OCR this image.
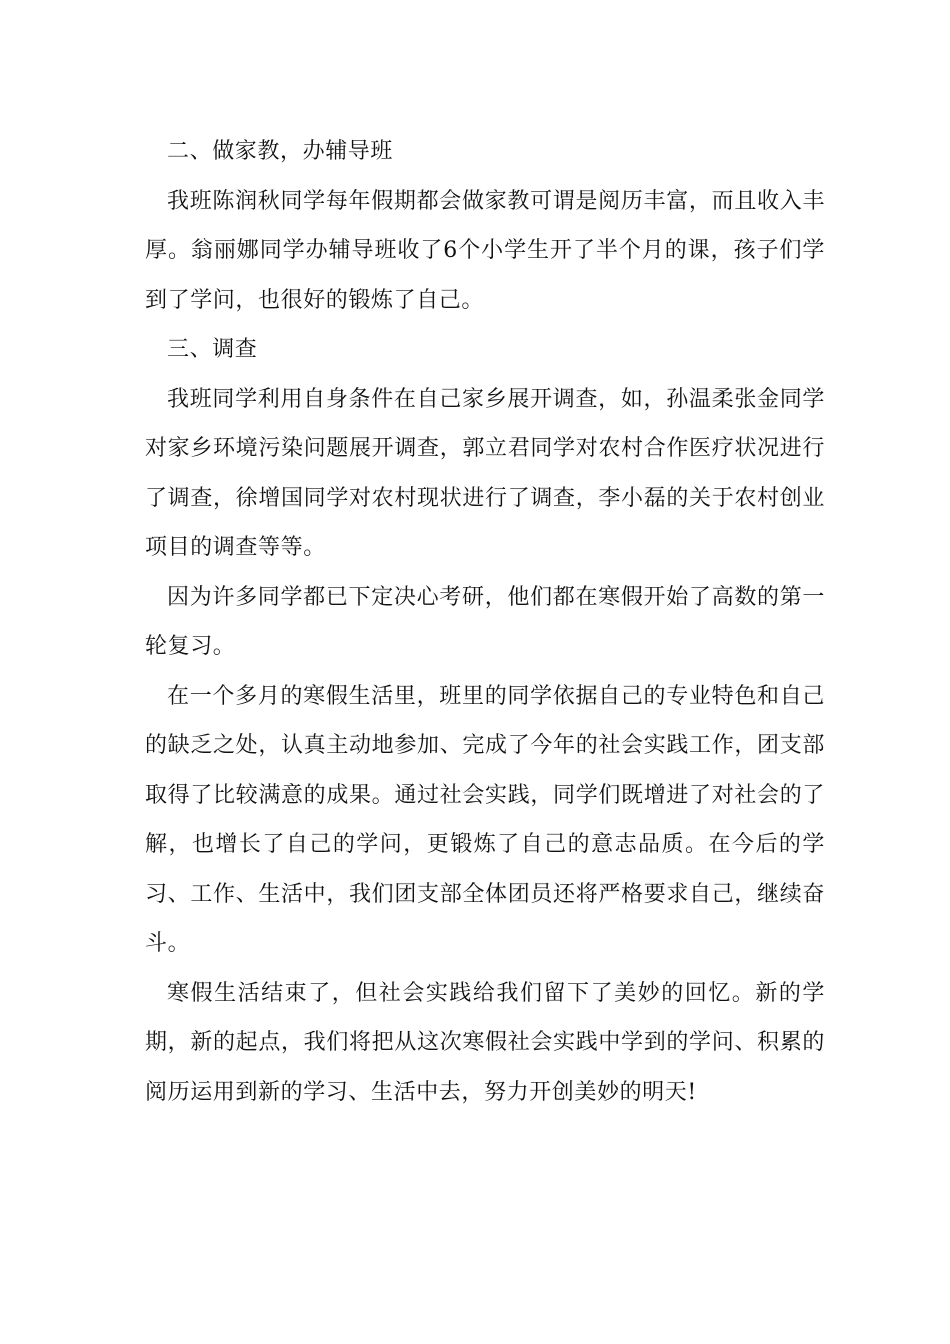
二、做家教，办辅导班

我班陈润秋同学每年假期都会做家教可谓是阅历丰富，而且收入丰厚。翁丽娜同学办辅导班收了6个小学生开了半个月的课，孩子们学到了学问，也很好的锻炼了自己。

三、调查

我班同学利用自身条件在自己家乡展开调查，如，孙温柔张金同学对家乡环境污染问题展开调查，郭立君同学对农村合作医疗状况进行了调查，徐增国同学对农村现状进行了调查，李小磊的关于农村创业项目的调查等等。

因为许多同学都已下定决心考研，他们都在寒假开始了高数的第一轮复习。

在一个多月的寒假生活里，班里的同学依据自己的专业特色和自己的缺乏之处，认真主动地参加、完成了今年的社会实践工作，团支部取得了比较满意的成果。通过社会实践，同学们既增进了对社会的了解，也增长了自己的学问，更锻炼了自己的意志品质。在今后的学习、工作、生活中，我们团支部全体团员还将严格要求自己，继续奋斗。

寒假生活结束了，但社会实践给我们留下了美妙的回忆。新的学期，新的起点，我们将把从这次寒假社会实践中学到的学问、积累的阅历运用到新的学习、生活中去，努力开创美妙的明天!
